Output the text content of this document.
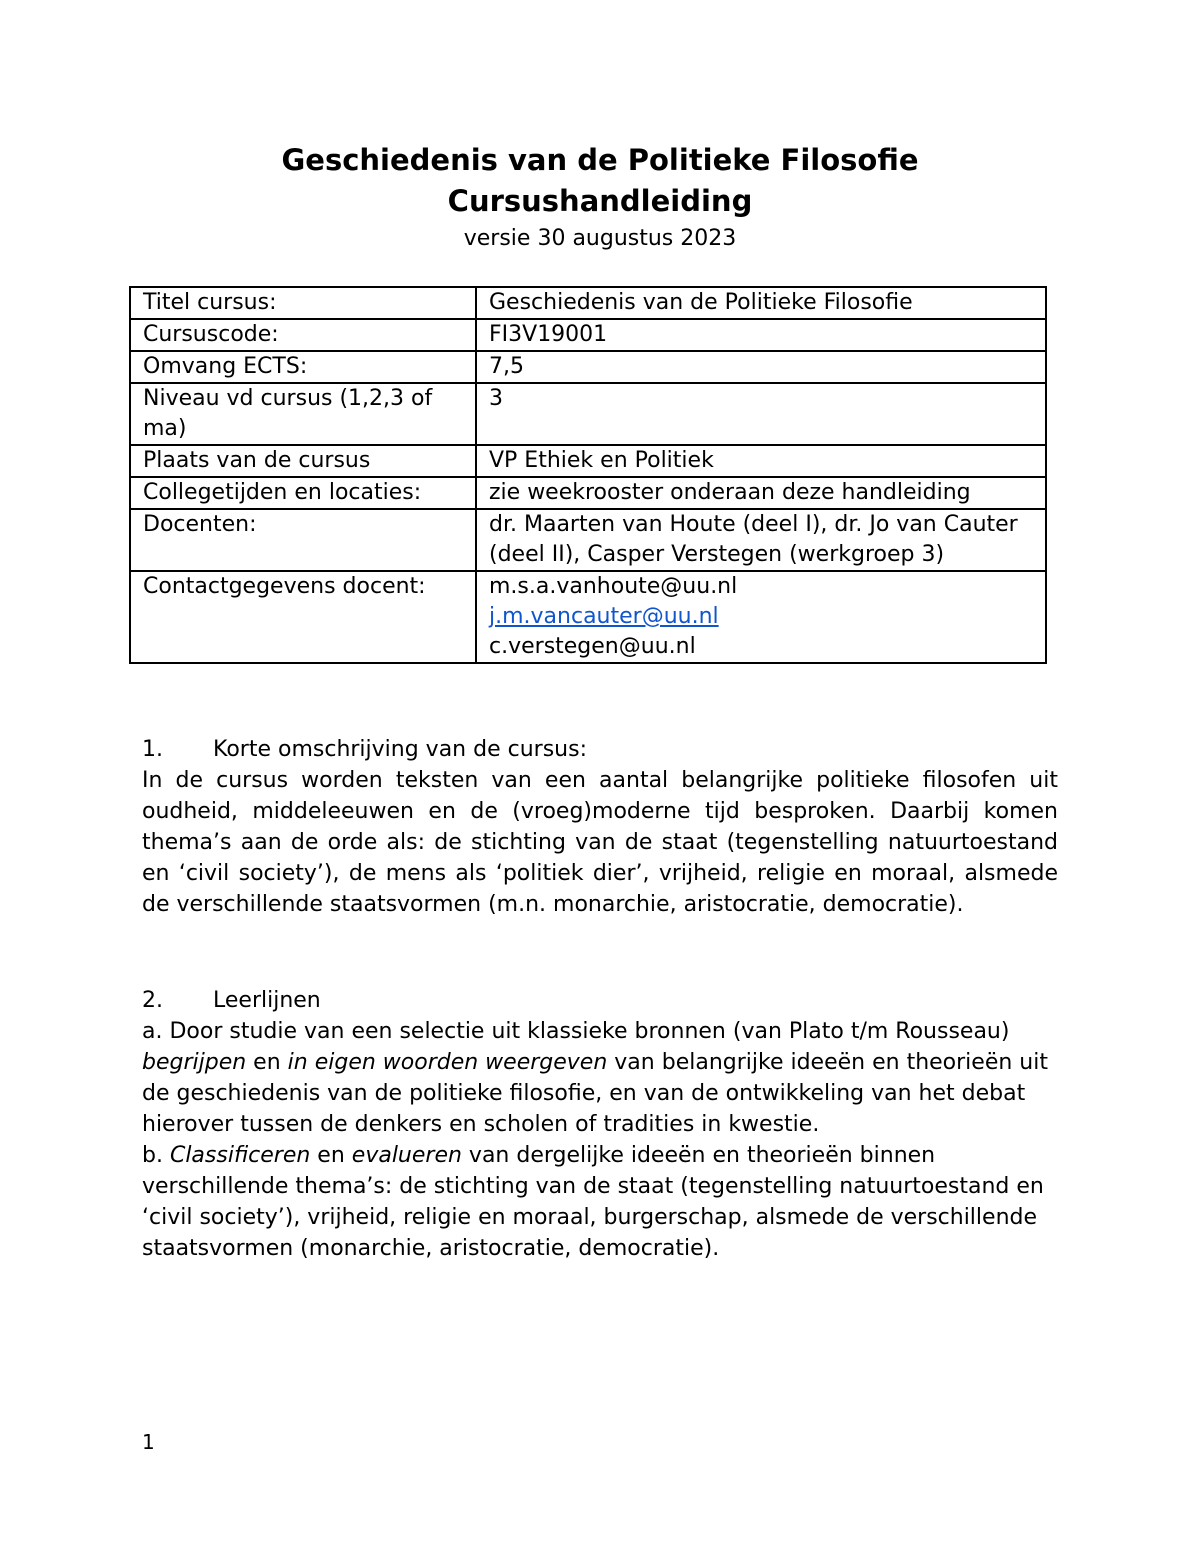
Geschiedenis van de Politieke Filosofie
Cursushandleiding
versie 30 augustus 2023
Titel cursus:	Geschiedenis van de Politieke Filosofie
Cursuscode:	FI3V19001
Omvang ECTS:	7,5
Niveau vd cursus (1,2,3 of ma)	3
Plaats van de cursus	VP Ethiek en Politiek
Collegetijden en locaties:	zie weekrooster onderaan deze handleiding
Docenten:	dr. Maarten van Houte (deel I), dr. Jo van Cauter (deel II), Casper Verstegen (werkgroep 3)
Contactgegevens docent:	m.s.a.vanhoute@uu.nl
j.m.vancauter@uu.nl
c.verstegen@uu.nl
1. Korte omschrijving van de cursus:
In de cursus worden teksten van een aantal belangrijke politieke filosofen uit oudheid, middeleeuwen en de (vroeg)moderne tijd besproken. Daarbij komen thema’s aan de orde als: de stichting van de staat (tegenstelling natuurtoestand en ‘civil society’), de mens als ‘politiek dier’, vrijheid, religie en moraal, alsmede de verschillende staatsvormen (m.n. monarchie, aristocratie, democratie).
2. Leerlijnen
a. Door studie van een selectie uit klassieke bronnen (van Plato t/m Rousseau) begrijpen en in eigen woorden weergeven van belangrijke ideeën en theorieën uit de geschiedenis van de politieke filosofie, en van de ontwikkeling van het debat hierover tussen de denkers en scholen of tradities in kwestie.
b. Classificeren en evalueren van dergelijke ideeën en theorieën binnen verschillende thema’s: de stichting van de staat (tegenstelling natuurtoestand en ‘civil society’), vrijheid, religie en moraal, burgerschap, alsmede de verschillende staatsvormen (monarchie, aristocratie, democratie).
1
